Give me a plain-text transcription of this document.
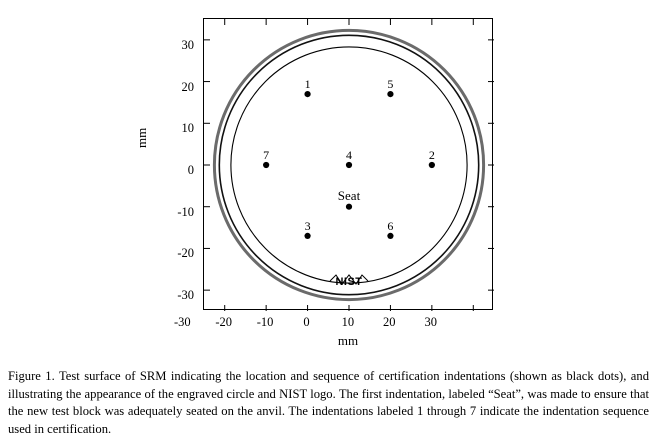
mm
30
20
10
0
-10
-20
-30
-30	-20	-10	0	10	20	30
mm
NIST
1	5
7	4	2
Seat
3	6
Figure 1. Test surface of SRM indicating the location and sequence of certification indentations (shown as black dots), and illustrating the appearance of the engraved circle and NIST logo. The first indentation, labeled “Seat”, was made to ensure that the new test block was adequately seated on the anvil. The indentations labeled 1 through 7 indicate the indentation sequence used in certification.
